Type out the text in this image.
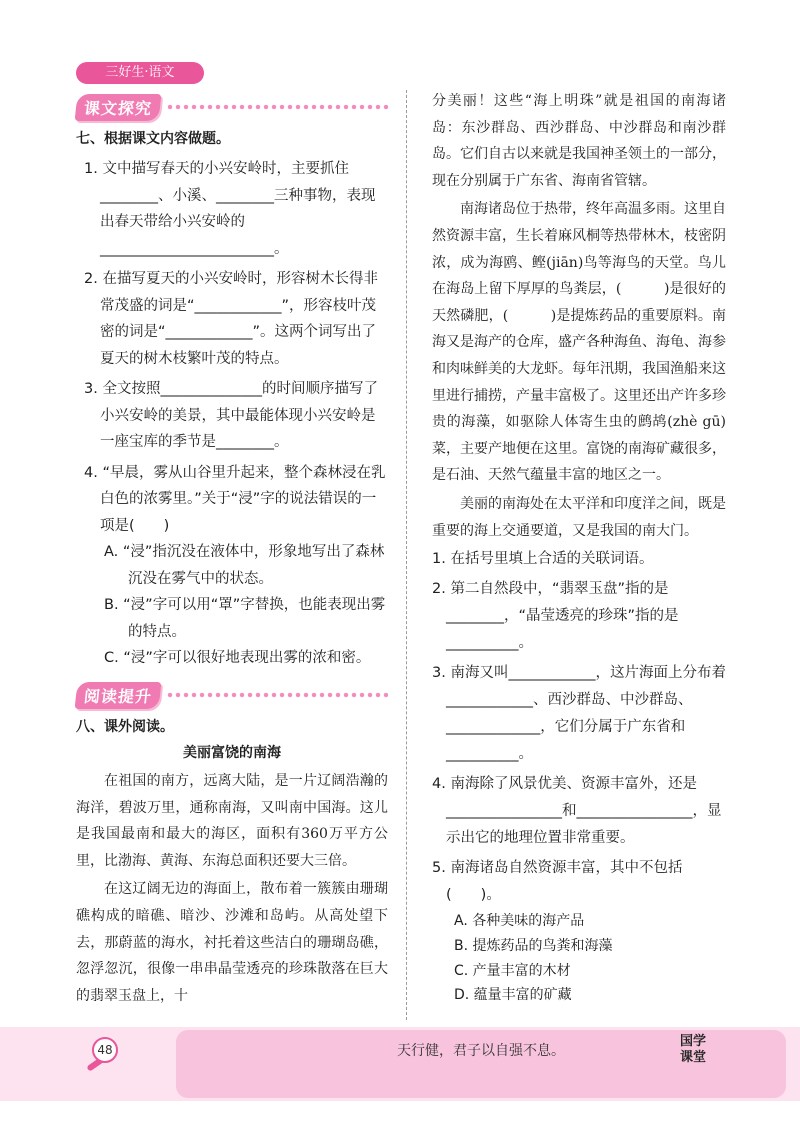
三好生·语文
课文探究
七、根据课文内容做题。
1. 文中描写春天的小兴安岭时，主要抓住________、小溪、________三种事物，表现出春天带给小兴安岭的________________________。
2. 在描写夏天的小兴安岭时，形容树木长得非常茂盛的词是“____________”，形容枝叶茂密的词是“____________”。这两个词写出了夏天的树木枝繁叶茂的特点。
3. 全文按照______________的时间顺序描写了小兴安岭的美景，其中最能体现小兴安岭是一座宝库的季节是________。
4. “早晨，雾从山谷里升起来，整个森林浸在乳白色的浓雾里。”关于“浸”字的说法错误的一项是(　　)
A. “浸”指沉没在液体中，形象地写出了森林沉没在雾气中的状态。
B. “浸”字可以用“罩”字替换，也能表现出雾的特点。
C. “浸”字可以很好地表现出雾的浓和密。
阅读提升
八、课外阅读。
美丽富饶的南海
在祖国的南方，远离大陆，是一片辽阔浩瀚的海洋，碧波万里，通称南海，又叫南中国海。这儿是我国最南和最大的海区，面积有360万平方公里，比渤海、黄海、东海总面积还要大三倍。
在这辽阔无边的海面上，散布着一簇簇由珊瑚礁构成的暗礁、暗沙、沙滩和岛屿。从高处望下去，那蔚蓝的海水，衬托着这些洁白的珊瑚岛礁，忽浮忽沉，很像一串串晶莹透亮的珍珠散落在巨大的翡翠玉盘上，十
分美丽！这些“海上明珠”就是祖国的南海诸岛：东沙群岛、西沙群岛、中沙群岛和南沙群岛。它们自古以来就是我国神圣领土的一部分，现在分别属于广东省、海南省管辖。
南海诸岛位于热带，终年高温多雨。这里自然资源丰富，生长着麻风桐等热带林木，枝密阴浓，成为海鸥、鲣(jiān)鸟等海鸟的天堂。鸟儿在海岛上留下厚厚的鸟粪层，(　　　)是很好的天然磷肥，(　　　)是提炼药品的重要原料。南海又是海产的仓库，盛产各种海鱼、海龟、海参和肉味鲜美的大龙虾。每年汛期，我国渔船来这里进行捕捞，产量丰富极了。这里还出产许多珍贵的海藻，如驱除人体寄生虫的鹧鸪(zhè gū)菜，主要产地便在这里。富饶的南海矿藏很多，是石油、天然气蕴量丰富的地区之一。
美丽的南海处在太平洋和印度洋之间，既是重要的海上交通要道，又是我国的南大门。
1. 在括号里填上合适的关联词语。
2. 第二自然段中，“翡翠玉盘”指的是________，“晶莹透亮的珍珠”指的是__________。
3. 南海又叫____________，这片海面上分布着____________、西沙群岛、中沙群岛、_____________，它们分属于广东省和__________。
4. 南海除了风景优美、资源丰富外，还是________________和________________，显示出它的地理位置非常重要。
5. 南海诸岛自然资源丰富，其中不包括(　　)。
A. 各种美味的海产品
B. 提炼药品的鸟粪和海藻
C. 产量丰富的木材
D. 蕴量丰富的矿藏
48	天行健，君子以自强不息。
国学
课堂
